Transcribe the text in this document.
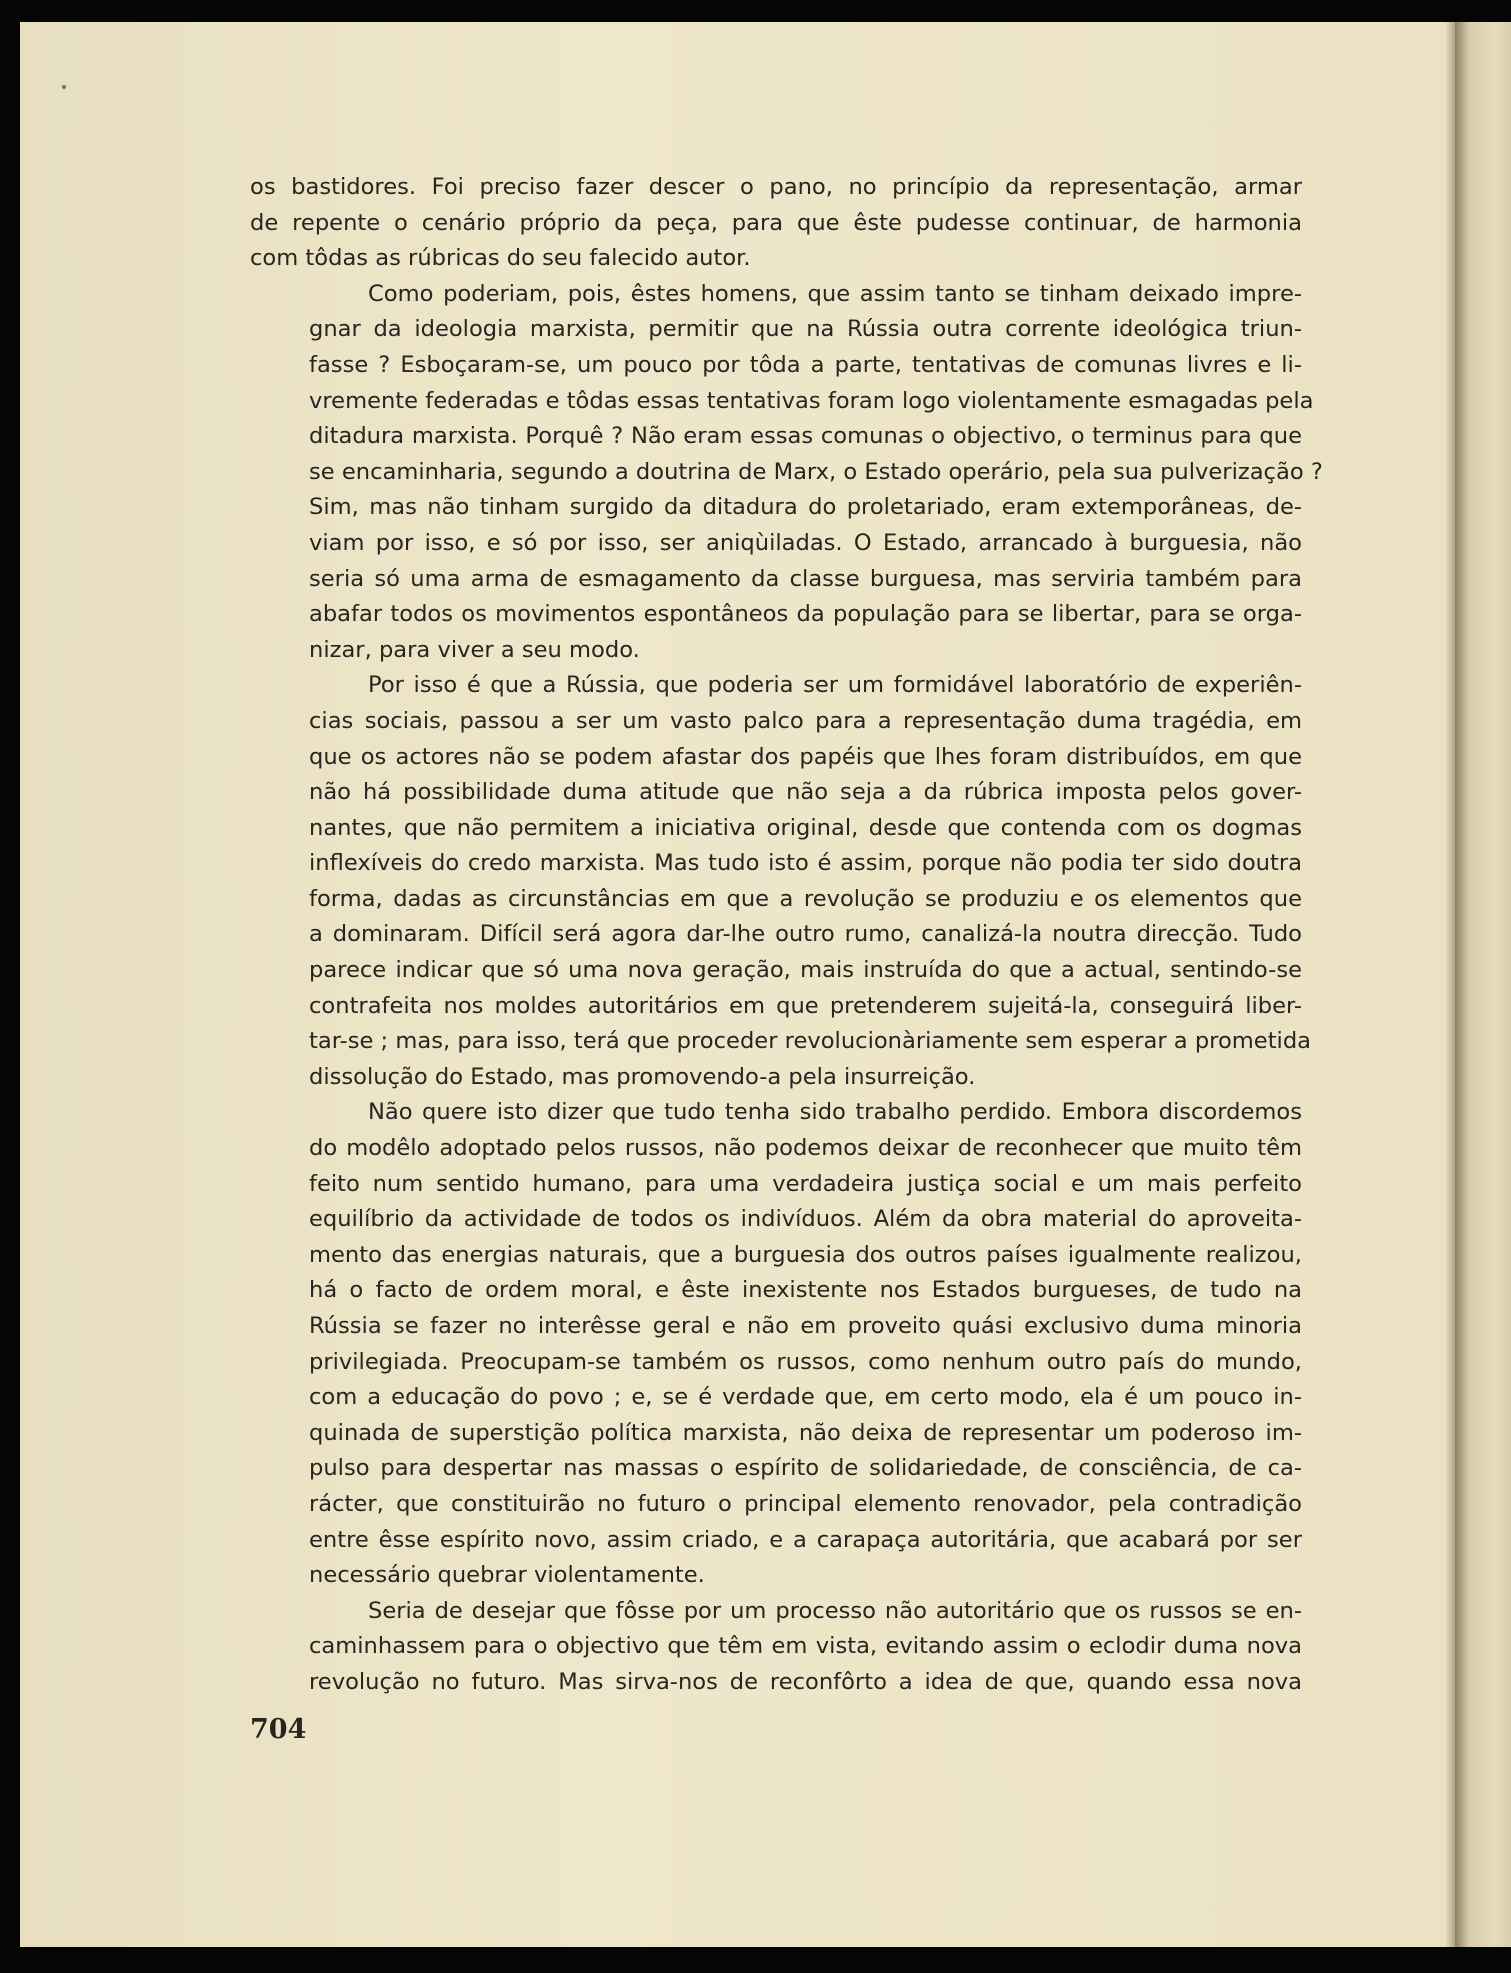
os bastidores. Foi preciso fazer descer o pano, no princípio da representação, armar
de repente o cenário próprio da peça, para que êste pudesse continuar, de harmonia
com tôdas as rúbricas do seu falecido autor.
Como poderiam, pois, êstes homens, que assim tanto se tinham deixado impre-
gnar da ideologia marxista, permitir que na Rússia outra corrente ideológica triun-
fasse ? Esboçaram-se, um pouco por tôda a parte, tentativas de comunas livres e li-
vremente federadas e tôdas essas tentativas foram logo violentamente esmagadas pela
ditadura marxista. Porquê ? Não eram essas comunas o objectivo, o terminus para que
se encaminharia, segundo a doutrina de Marx, o Estado operário, pela sua pulverização ?
Sim, mas não tinham surgido da ditadura do proletariado, eram extemporâneas, de-
viam por isso, e só por isso, ser aniqùiladas. O Estado, arrancado à burguesia, não
seria só uma arma de esmagamento da classe burguesa, mas serviria também para
abafar todos os movimentos espontâneos da população para se libertar, para se orga-
nizar, para viver a seu modo.
Por isso é que a Rússia, que poderia ser um formidável laboratório de experiên-
cias sociais, passou a ser um vasto palco para a representação duma tragédia, em
que os actores não se podem afastar dos papéis que lhes foram distribuídos, em que
não há possibilidade duma atitude que não seja a da rúbrica imposta pelos gover-
nantes, que não permitem a iniciativa original, desde que contenda com os dogmas
inflexíveis do credo marxista. Mas tudo isto é assim, porque não podia ter sido doutra
forma, dadas as circunstâncias em que a revolução se produziu e os elementos que
a dominaram. Difícil será agora dar-lhe outro rumo, canalizá-la noutra direcção. Tudo
parece indicar que só uma nova geração, mais instruída do que a actual, sentindo-se
contrafeita nos moldes autoritários em que pretenderem sujeitá-la, conseguirá liber-
tar-se ; mas, para isso, terá que proceder revolucionàriamente sem esperar a prometida
dissolução do Estado, mas promovendo-a pela insurreição.
Não quere isto dizer que tudo tenha sido trabalho perdido. Embora discordemos
do modêlo adoptado pelos russos, não podemos deixar de reconhecer que muito têm
feito num sentido humano, para uma verdadeira justiça social e um mais perfeito
equilíbrio da actividade de todos os indivíduos. Além da obra material do aproveita-
mento das energias naturais, que a burguesia dos outros países igualmente realizou,
há o facto de ordem moral, e êste inexistente nos Estados burgueses, de tudo na
Rússia se fazer no interêsse geral e não em proveito quási exclusivo duma minoria
privilegiada. Preocupam-se também os russos, como nenhum outro país do mundo,
com a educação do povo ; e, se é verdade que, em certo modo, ela é um pouco in-
quinada de superstição política marxista, não deixa de representar um poderoso im-
pulso para despertar nas massas o espírito de solidariedade, de consciência, de ca-
rácter, que constituirão no futuro o principal elemento renovador, pela contradição
entre êsse espírito novo, assim criado, e a carapaça autoritária, que acabará por ser
necessário quebrar violentamente.
Seria de desejar que fôsse por um processo não autoritário que os russos se en-
caminhassem para o objectivo que têm em vista, evitando assim o eclodir duma nova
revolução no futuro. Mas sirva-nos de reconfôrto a idea de que, quando essa nova
704
